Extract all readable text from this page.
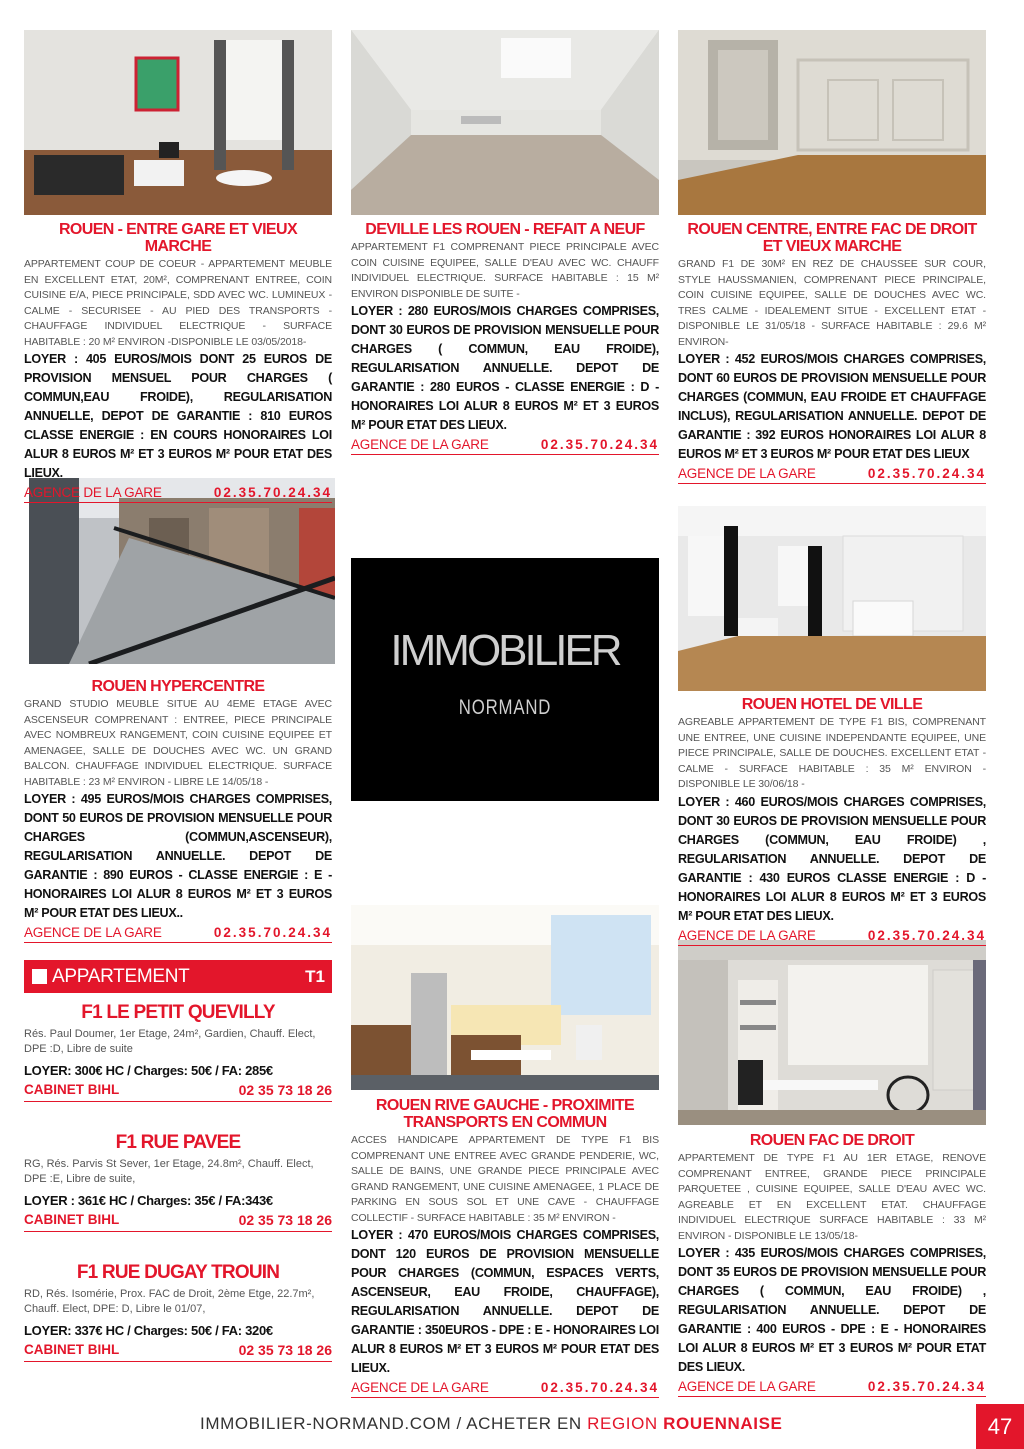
ROUEN - ENTRE GARE ET VIEUX MARCHE

APPARTEMENT COUP DE COEUR - APPARTEMENT MEUBLE EN EXCELLENT ETAT, 20M², COMPRENANT ENTREE, COIN CUISINE E/A, PIECE PRINCIPALE, SDD AVEC WC. LUMINEUX - CALME - SECURISEE - AU PIED DES TRANSPORTS - CHAUFFAGE INDIVIDUEL ELECTRIQUE - SURFACE HABITABLE : 20 M² ENVIRON -DISPONIBLE LE 03/05/2018-

LOYER : 405 EUROS/MOIS DONT 25 EUROS DE PROVISION MENSUEL POUR CHARGES ( COMMUN,EAU FROIDE), REGULARISATION ANNUELLE, DEPOT DE GARANTIE : 810 EUROS CLASSE ENERGIE : EN COURS HONORAIRES LOI ALUR 8 EUROS M² ET 3 EUROS M² POUR ETAT DES LIEUX.

AGENCE DE LA GARE	02.35.70.24.34

DEVILLE LES ROUEN - REFAIT A NEUF

APPARTEMENT F1 COMPRENANT PIECE PRINCIPALE AVEC COIN CUISINE EQUIPEE, SALLE D'EAU AVEC WC. CHAUFF INDIVIDUEL ELECTRIQUE. SURFACE HABITABLE : 15 M² ENVIRON DISPONIBLE DE SUITE -

LOYER : 280 EUROS/MOIS CHARGES COMPRISES, DONT 30 EUROS DE PROVISION MENSUELLE POUR CHARGES ( COMMUN, EAU FROIDE), REGULARISATION ANNUELLE. DEPOT DE GARANTIE : 280 EUROS - CLASSE ENERGIE : D - HONORAIRES LOI ALUR 8 EUROS M² ET 3 EUROS M² POUR ETAT DES LIEUX.

AGENCE DE LA GARE	02.35.70.24.34

ROUEN CENTRE, ENTRE FAC DE DROIT ET VIEUX MARCHE

GRAND F1 DE 30M² EN REZ DE CHAUSSEE SUR COUR, STYLE HAUSSMANIEN, COMPRENANT PIECE PRINCIPALE, COIN CUISINE EQUIPEE, SALLE DE DOUCHES AVEC WC. TRES CALME - IDEALEMENT SITUE - EXCELLENT ETAT - DISPONIBLE LE 31/05/18 - SURFACE HABITABLE : 29.6 M² ENVIRON-

LOYER : 452 EUROS/MOIS CHARGES COMPRISES, DONT 60 EUROS DE PROVISION MENSUELLE POUR CHARGES (COMMUN, EAU FROIDE ET CHAUFFAGE INCLUS), REGULARISATION ANNUELLE. DEPOT DE GARANTIE : 392 EUROS HONORAIRES LOI ALUR 8 EUROS M² ET 3 EUROS M² POUR ETAT DES LIEUX

AGENCE DE LA GARE	02.35.70.24.34

ROUEN HYPERCENTRE

GRAND STUDIO MEUBLE SITUE AU 4EME ETAGE AVEC ASCENSEUR COMPRENANT : ENTREE, PIECE PRINCIPALE AVEC NOMBREUX RANGEMENT, COIN CUISINE EQUIPEE ET AMENAGEE, SALLE DE DOUCHES AVEC WC. UN GRAND BALCON. CHAUFFAGE INDIVIDUEL ELECTRIQUE. SURFACE HABITABLE : 23 M² ENVIRON - LIBRE LE 14/05/18 -

LOYER : 495 EUROS/MOIS CHARGES COMPRISES, DONT 50 EUROS DE PROVISION MENSUELLE POUR CHARGES (COMMUN,ASCENSEUR), REGULARISATION ANNUELLE. DEPOT DE GARANTIE : 890 EUROS - CLASSE ENERGIE : E - HONORAIRES LOI ALUR 8 EUROS M² ET 3 EUROS M² POUR ETAT DES LIEUX..

AGENCE DE LA GARE	02.35.70.24.34

ROUEN HOTEL DE VILLE

AGREABLE APPARTEMENT DE TYPE F1 BIS, COMPRENANT UNE ENTREE, UNE CUISINE INDEPENDANTE EQUIPEE, UNE PIECE PRINCIPALE, SALLE DE DOUCHES. EXCELLENT ETAT - CALME - SURFACE HABITABLE : 35 M² ENVIRON - DISPONIBLE LE 30/06/18 -

LOYER : 460 EUROS/MOIS CHARGES COMPRISES, DONT 30 EUROS DE PROVISION MENSUELLE POUR CHARGES (COMMUN, EAU FROIDE) , REGULARISATION ANNUELLE. DEPOT DE GARANTIE : 430 EUROS CLASSE ENERGIE : D - HONORAIRES LOI ALUR 8 EUROS M² ET 3 EUROS M² POUR ETAT DES LIEUX.

AGENCE DE LA GARE	02.35.70.24.34

ROUEN RIVE GAUCHE - PROXIMITE TRANSPORTS EN COMMUN

ACCES HANDICAPE APPARTEMENT DE TYPE F1 BIS COMPRENANT UNE ENTREE AVEC GRANDE PENDERIE, WC, SALLE DE BAINS, UNE GRANDE PIECE PRINCIPALE AVEC GRAND RANGEMENT, UNE CUISINE AMENAGEE, 1 PLACE DE PARKING EN SOUS SOL ET UNE CAVE - CHAUFFAGE COLLECTIF - SURFACE HABITABLE : 35 M² ENVIRON -

LOYER : 470 EUROS/MOIS CHARGES COMPRISES, DONT 120 EUROS DE PROVISION MENSUELLE POUR CHARGES (COMMUN, ESPACES VERTS, ASCENSEUR, EAU FROIDE, CHAUFFAGE), REGULARISATION ANNUELLE. DEPOT DE GARANTIE : 350EUROS - DPE : E - HONORAIRES LOI ALUR 8 EUROS M² ET 3 EUROS M² POUR ETAT DES LIEUX.

AGENCE DE LA GARE	02.35.70.24.34

ROUEN FAC DE DROIT

APPARTEMENT DE TYPE F1 AU 1ER ETAGE, RENOVE COMPRENANT ENTREE, GRANDE PIECE PRINCIPALE PARQUETEE , CUISINE EQUIPEE, SALLE D'EAU AVEC WC. AGREABLE ET EN EXCELLENT ETAT. CHAUFFAGE INDIVIDUEL ELECTRIQUE SURFACE HABITABLE : 33 M² ENVIRON - DISPONIBLE LE 13/05/18-

LOYER : 435 EUROS/MOIS CHARGES COMPRISES, DONT 35 EUROS DE PROVISION MENSUELLE POUR CHARGES ( COMMUN, EAU FROIDE) , REGULARISATION ANNUELLE. DEPOT DE GARANTIE : 400 EUROS - DPE : E - HONORAIRES LOI ALUR 8 EUROS M² ET 3 EUROS M² POUR ETAT DES LIEUX.

AGENCE DE LA GARE	02.35.70.24.34
IMMOBILIER
NORMAND
APPARTEMENT	T1

F1 LE PETIT QUEVILLY

Rés. Paul Doumer, 1er Etage, 24m², Gardien, Chauff. Elect, DPE :D, Libre de suite

LOYER: 300€ HC / Charges: 50€ / FA: 285€

CABINET BIHL	02 35 73 18 26

F1 RUE PAVEE

RG, Rés. Parvis St Sever, 1er Etage, 24.8m², Chauff. Elect, DPE :E, Libre de suite,

LOYER : 361€ HC / Charges: 35€ / FA:343€

CABINET BIHL	02 35 73 18 26

F1 RUE DUGAY TROUIN

RD, Rés. Isomérie, Prox. FAC de Droit, 2ème Etge, 22.7m², Chauff. Elect, DPE: D, Libre le 01/07,

LOYER: 337€ HC / Charges: 50€ / FA: 320€

CABINET BIHL	02 35 73 18 26
IMMOBILIER-NORMAND.COM / ACHETER EN REGION ROUENNAISE	47
